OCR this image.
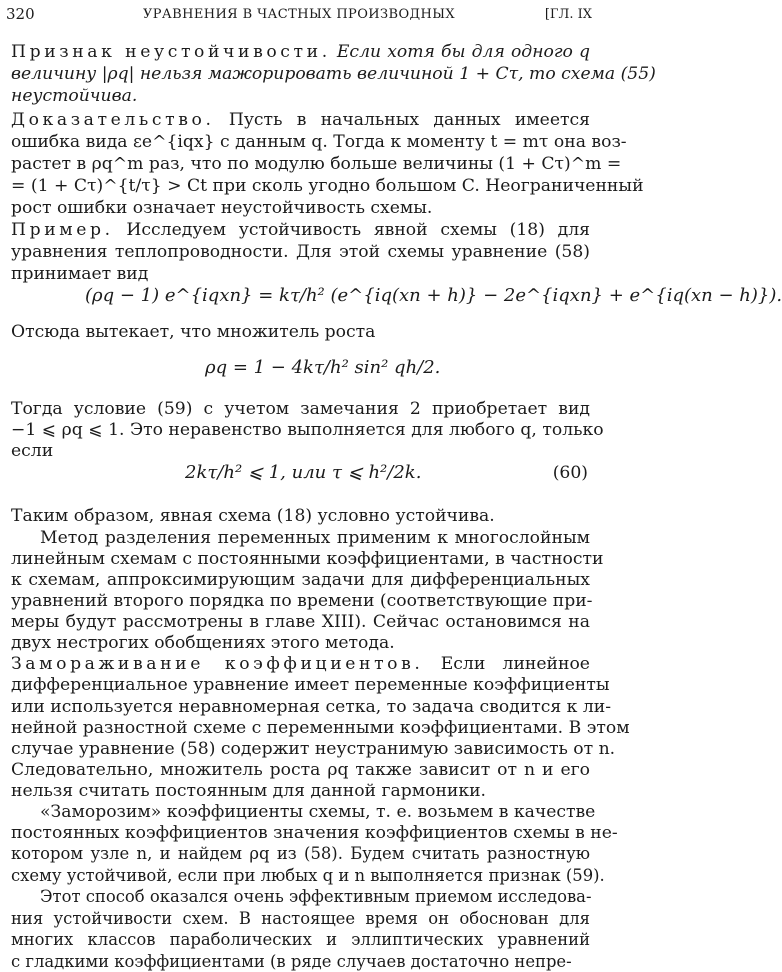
320	УРАВНЕНИЯ В ЧАСТНЫХ ПРОИЗВОДНЫХ	[ГЛ. IX
Признак неустойчивости. Если хотя бы для одного q
величину |ρq| нельзя мажорировать величиной 1 + Cτ, то схема (55)
неустойчива.
Доказательство. Пусть в начальных данных имеется
ошибка вида εe^{iqx} с данным q. Тогда к моменту t = mτ она воз-
растет в ρq^m раз, что по модулю больше величины (1 + Cτ)^m =
= (1 + Cτ)^{t/τ} > Ct при сколь угодно большом C. Неограниченный
рост ошибки означает неустойчивость схемы.
Пример. Исследуем устойчивость явной схемы (18) для
уравнения теплопроводности. Для этой схемы уравнение (58)
принимает вид
(ρq − 1) e^{iqxn} = kτ/h² (e^{iq(xn + h)} − 2e^{iqxn} + e^{iq(xn − h)}).
Отсюда вытекает, что множитель роста
ρq = 1 − 4kτ/h² sin² qh/2.
Тогда условие (59) с учетом замечания 2 приобретает вид
−1 ⩽ ρq ⩽ 1. Это неравенство выполняется для любого q, только
если
2kτ/h² ⩽ 1, или τ ⩽ h²/2k.	(60)
Таким образом, явная схема (18) условно устойчива.
Метод разделения переменных применим к многослойным
линейным схемам с постоянными коэффициентами, в частности
к схемам, аппроксимирующим задачи для дифференциальных
уравнений второго порядка по времени (соответствующие при-
меры будут рассмотрены в главе XIII). Сейчас остановимся на
двух нестрогих обобщениях этого метода.
Замораживание коэффициентов. Если линейное
дифференциальное уравнение имеет переменные коэффициенты
или используется неравномерная сетка, то задача сводится к ли-
нейной разностной схеме с переменными коэффициентами. В этом
случае уравнение (58) содержит неустранимую зависимость от n.
Следовательно, множитель роста ρq также зависит от n и его
нельзя считать постоянным для данной гармоники.
«Заморозим» коэффициенты схемы, т. е. возьмем в качестве
постоянных коэффициентов значения коэффициентов схемы в не-
котором узле n, и найдем ρq из (58). Будем считать разностную
схему устойчивой, если при любых q и n выполняется признак (59).
Этот способ оказался очень эффективным приемом исследова-
ния устойчивости схем. В настоящее время он обоснован для
многих классов параболических и эллиптических уравнений
с гладкими коэффициентами (в ряде случаев достаточно непре-
